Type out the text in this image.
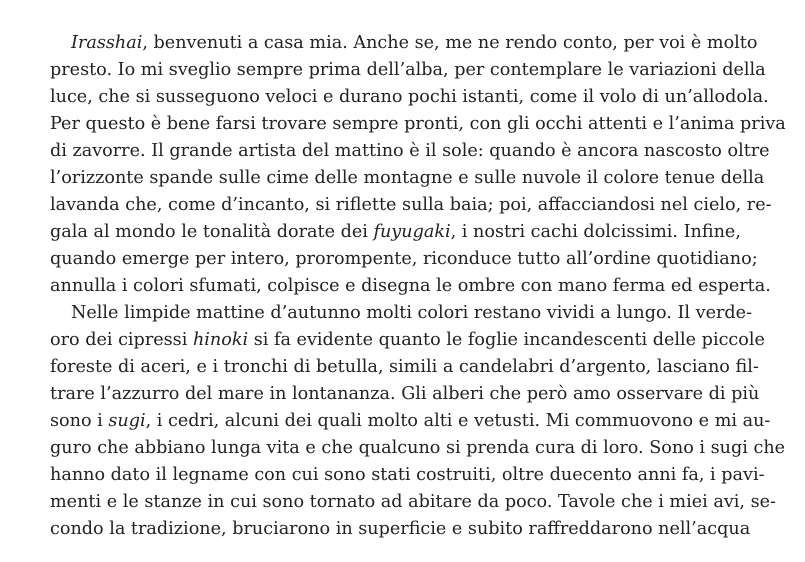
Irasshai, benvenuti a casa mia. Anche se, me ne rendo conto, per voi è molto
presto. Io mi sveglio sempre prima dell’alba, per contemplare le variazioni della
luce, che si susseguono veloci e durano pochi istanti, come il volo di un’allodola.
Per questo è bene farsi trovare sempre pronti, con gli occhi attenti e l’anima priva
di zavorre. Il grande artista del mattino è il sole: quando è ancora nascosto oltre
l’orizzonte spande sulle cime delle montagne e sulle nuvole il colore tenue della
lavanda che, come d’incanto, si riflette sulla baia; poi, affacciandosi nel cielo, re-
gala al mondo le tonalità dorate dei fuyugaki, i nostri cachi dolcissimi. Infine,
quando emerge per intero, prorompente, riconduce tutto all’ordine quotidiano;
annulla i colori sfumati, colpisce e disegna le ombre con mano ferma ed esperta.
Nelle limpide mattine d’autunno molti colori restano vividi a lungo. Il verde-
oro dei cipressi hinoki si fa evidente quanto le foglie incandescenti delle piccole
foreste di aceri, e i tronchi di betulla, simili a candelabri d’argento, lasciano fil-
trare l’azzurro del mare in lontananza. Gli alberi che però amo osservare di più
sono i sugi, i cedri, alcuni dei quali molto alti e vetusti. Mi commuovono e mi au-
guro che abbiano lunga vita e che qualcuno si prenda cura di loro. Sono i sugi che
hanno dato il legname con cui sono stati costruiti, oltre duecento anni fa, i pavi-
menti e le stanze in cui sono tornato ad abitare da poco. Tavole che i miei avi, se-
condo la tradizione, bruciarono in superficie e subito raffreddarono nell’acqua
